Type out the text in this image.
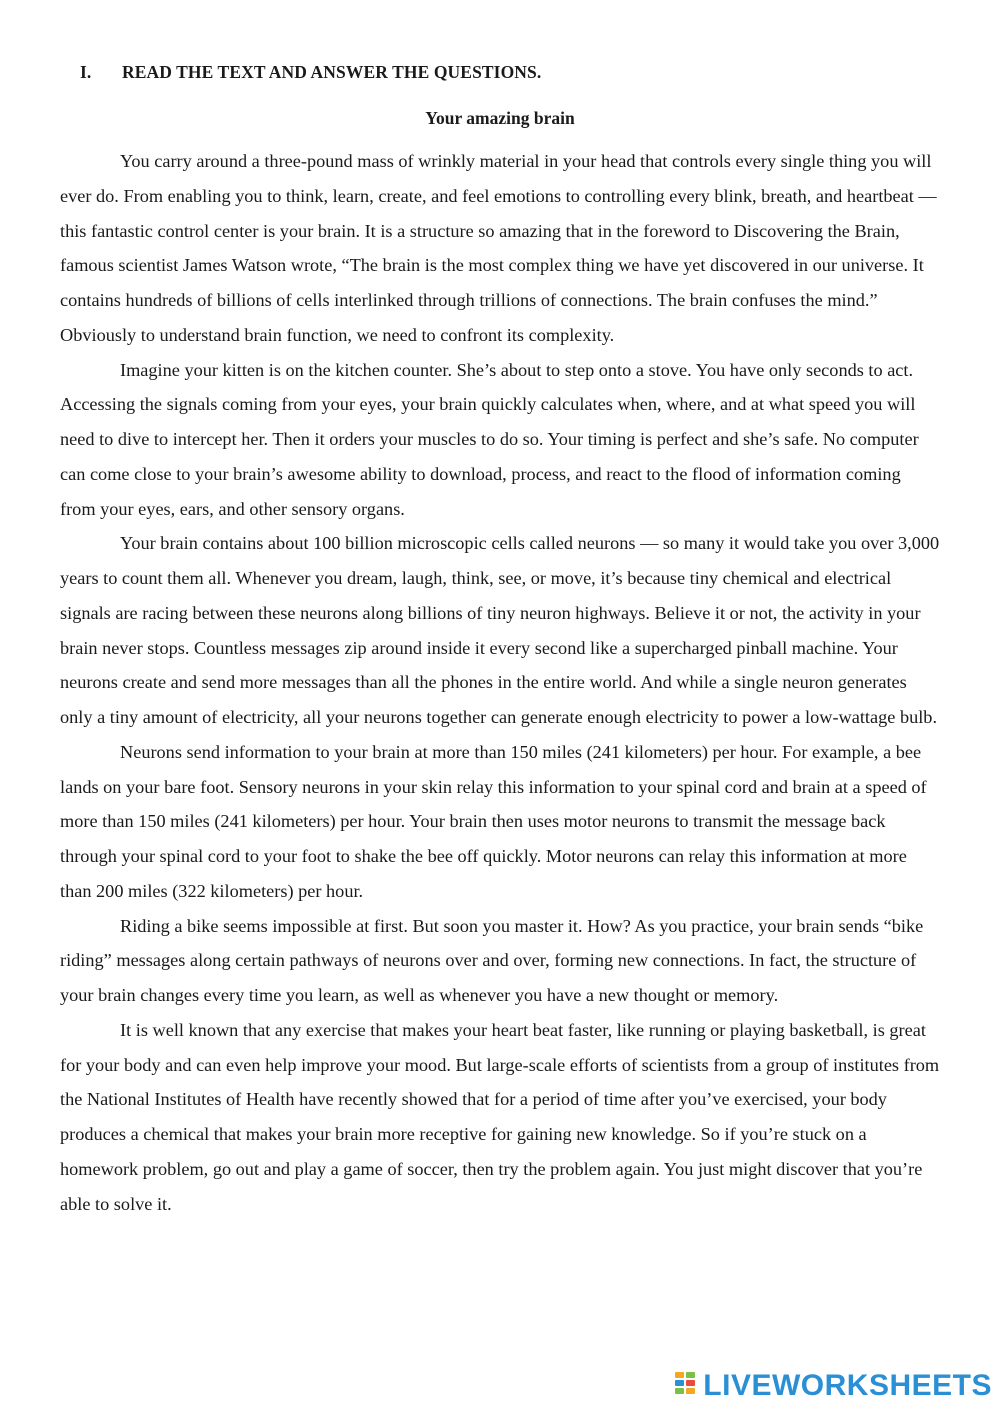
I.	READ THE TEXT AND ANSWER THE QUESTIONS.
Your amazing brain

You carry around a three-pound mass of wrinkly material in your head that controls every single thing you will ever do. From enabling you to think, learn, create, and feel emotions to controlling every blink, breath, and heartbeat — this fantastic control center is your brain. It is a structure so amazing that in the foreword to Discovering the Brain, famous scientist James Watson wrote, “The brain is the most complex thing we have yet discovered in our universe. It contains hundreds of billions of cells interlinked through trillions of connections. The brain confuses the mind.” Obviously to understand brain function, we need to confront its complexity.

Imagine your kitten is on the kitchen counter. She’s about to step onto a stove. You have only seconds to act. Accessing the signals coming from your eyes, your brain quickly calculates when, where, and at what speed you will need to dive to intercept her. Then it orders your muscles to do so. Your timing is perfect and she’s safe. No computer can come close to your brain’s awesome ability to download, process, and react to the flood of information coming from your eyes, ears, and other sensory organs.

Your brain contains about 100 billion microscopic cells called neurons — so many it would take you over 3,000 years to count them all. Whenever you dream, laugh, think, see, or move, it’s because tiny chemical and electrical signals are racing between these neurons along billions of tiny neuron highways. Believe it or not, the activity in your brain never stops. Countless messages zip around inside it every second like a supercharged pinball machine. Your neurons create and send more messages than all the phones in the entire world. And while a single neuron generates only a tiny amount of electricity, all your neurons together can generate enough electricity to power a low-wattage bulb.

Neurons send information to your brain at more than 150 miles (241 kilometers) per hour. For example, a bee lands on your bare foot. Sensory neurons in your skin relay this information to your spinal cord and brain at a speed of more than 150 miles (241 kilometers) per hour. Your brain then uses motor neurons to transmit the message back through your spinal cord to your foot to shake the bee off quickly. Motor neurons can relay this information at more than 200 miles (322 kilometers) per hour.

Riding a bike seems impossible at first. But soon you master it. How? As you practice, your brain sends “bike riding” messages along certain pathways of neurons over and over, forming new connections. In fact, the structure of your brain changes every time you learn, as well as whenever you have a new thought or memory.

It is well known that any exercise that makes your heart beat faster, like running or playing basketball, is great for your body and can even help improve your mood. But large-scale efforts of scientists from a group of institutes from the National Institutes of Health have recently showed that for a period of time after you’ve exercised, your body produces a chemical that makes your brain more receptive for gaining new knowledge. So if you’re stuck on a homework problem, go out and play a game of soccer, then try the problem again. You just might discover that you’re able to solve it.

LIVEWORKSHEETS
